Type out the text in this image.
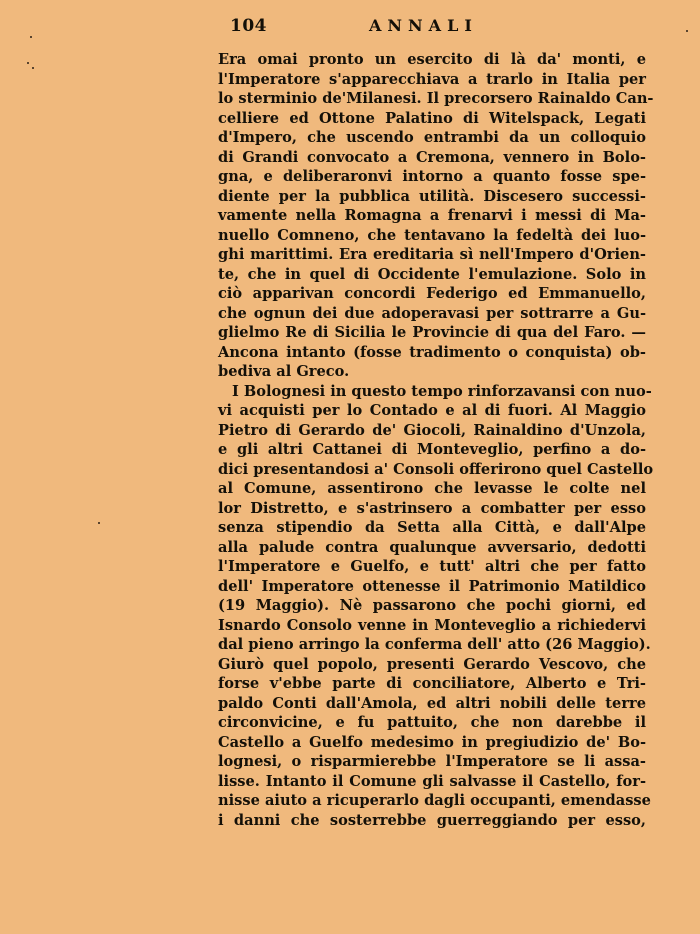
104	ANNALI
Era omai pronto un esercito di là da' monti, e
l'Imperatore s'apparecchiava a trarlo in Italia per
lo sterminio de'Milanesi. Il precorsero Rainaldo Can-
celliere ed Ottone Palatino di Witelspack, Legati
d'Impero, che uscendo entrambi da un colloquio
di Grandi convocato a Cremona, vennero in Bolo-
gna, e deliberaronvi intorno a quanto fosse spe-
diente per la pubblica utilità. Discesero successi-
vamente nella Romagna a frenarvi i messi di Ma-
nuello Comneno, che tentavano la fedeltà dei luo-
ghi marittimi. Era ereditaria sì nell'Impero d'Orien-
te, che in quel di Occidente l'emulazione. Solo in
ciò apparivan concordi Federigo ed Emmanuello,
che ognun dei due adoperavasi per sottrarre a Gu-
glielmo Re di Sicilia le Provincie di qua del Faro. —
Ancona intanto (fosse tradimento o conquista) ob-
bediva al Greco.
I Bolognesi in questo tempo rinforzavansi con nuo-
vi acquisti per lo Contado e al di fuori. Al Maggio
Pietro di Gerardo de' Giocoli, Rainaldino d'Unzola,
e gli altri Cattanei di Monteveglio, perfino a do-
dici presentandosi a' Consoli offerirono quel Castello
al Comune, assentirono che levasse le colte nel
lor Distretto, e s'astrinsero a combatter per esso
senza stipendio da Setta alla Città, e dall'Alpe
alla palude contra qualunque avversario, dedotti
l'Imperatore e Guelfo, e tutt' altri che per fatto
dell' Imperatore ottenesse il Patrimonio Matildico
(19 Maggio). Nè passarono che pochi giorni, ed
Isnardo Consolo venne in Monteveglio a richiedervi
dal pieno arringo la conferma dell' atto (26 Maggio).
Giurò quel popolo, presenti Gerardo Vescovo, che
forse v'ebbe parte di conciliatore, Alberto e Tri-
paldo Conti dall'Amola, ed altri nobili delle terre
circonvicine, e fu pattuito, che non darebbe il
Castello a Guelfo medesimo in pregiudizio de' Bo-
lognesi, o risparmierebbe l'Imperatore se li assa-
lisse. Intanto il Comune gli salvasse il Castello, for-
nisse aiuto a ricuperarlo dagli occupanti, emendasse
i danni che sosterrebbe guerreggiando per esso,
